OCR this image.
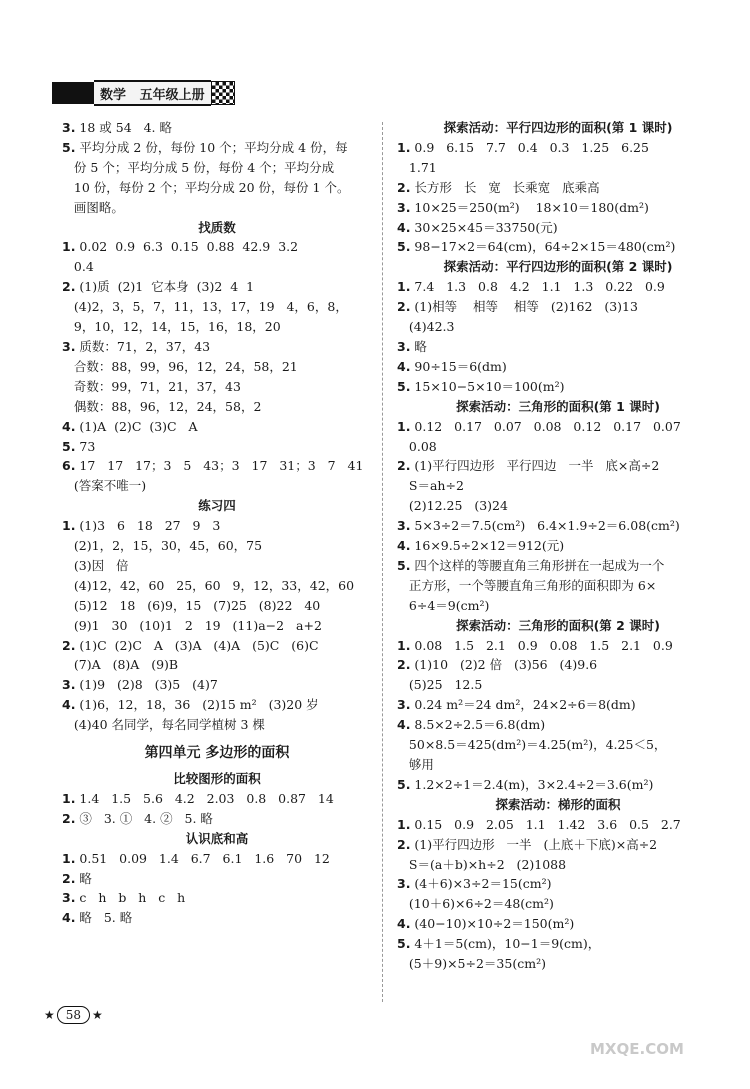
数学   五年级上册
3. 18 或 54   4. 略
5. 平均分成 2 份，每份 10 个；平均分成 4 份，每
份 5 个；平均分成 5 份，每份 4 个；平均分成
10 份，每份 2 个；平均分成 20 份，每份 1 个。
画图略。
找质数
1. 0.02  0.9  6.3  0.15  0.88  42.9  3.2
0.4
2. (1)质  (2)1  它本身  (3)2  4  1
(4)2，3，5，7，11，13，17，19   4，6，8，
9，10，12，14，15，16，18，20
3. 质数：71，2，37，43
合数：88，99，96，12，24，58，21
奇数：99，71，21，37，43
偶数：88，96，12，24，58，2
4. (1)A  (2)C  (3)C   A
5. 73
6. 17   17   17；3   5   43；3   17   31；3   7   41
(答案不唯一)
练习四
1. (1)3   6   18   27   9   3
(2)1，2，15，30，45，60，75
(3)因   倍
(4)12，42，60   25，60   9，12，33，42，60
(5)12   18   (6)9，15   (7)25   (8)22   40
(9)1   30   (10)1   2   19   (11)a−2   a+2
2. (1)C  (2)C   A   (3)A   (4)A   (5)C   (6)C
(7)A   (8)A   (9)B
3. (1)9   (2)8   (3)5   (4)7
4. (1)6，12，18，36   (2)15 m²   (3)20 岁
(4)40 名同学，每名同学植树 3 棵
第四单元 多边形的面积
比较图形的面积
1. 1.4   1.5   5.6   4.2   2.03   0.8   0.87   14
2. ③   3. ①   4. ②   5. 略
认识底和高
1. 0.51   0.09   1.4   6.7   6.1   1.6   70   12
2. 略
3. c   h   b   h   c   h
4. 略   5. 略
探索活动：平行四边形的面积(第 1 课时)
1. 0.9   6.15   7.7   0.4   0.3   1.25   6.25
1.71
2. 长方形   长   宽   长乘宽   底乘高
3. 10×25＝250(m²)    18×10＝180(dm²)
4. 30×25×45＝33750(元)
5. 98−17×2＝64(cm)，64÷2×15＝480(cm²)
探索活动：平行四边形的面积(第 2 课时)
1. 7.4   1.3   0.8   4.2   1.1   1.3   0.22   0.9
2. (1)相等    相等    相等   (2)162   (3)13
(4)42.3
3. 略
4. 90÷15＝6(dm)
5. 15×10−5×10＝100(m²)
探索活动：三角形的面积(第 1 课时)
1. 0.12   0.17   0.07   0.08   0.12   0.17   0.07
0.08
2. (1)平行四边形   平行四边   一半   底×高÷2
S＝ah÷2
(2)12.25   (3)24
3. 5×3÷2＝7.5(cm²)   6.4×1.9÷2＝6.08(cm²)
4. 16×9.5÷2×12＝912(元)
5. 四个这样的等腰直角三角形拼在一起成为一个
正方形，一个等腰直角三角形的面积即为 6×
6÷4＝9(cm²)
探索活动：三角形的面积(第 2 课时)
1. 0.08   1.5   2.1   0.9   0.08   1.5   2.1   0.9
2. (1)10   (2)2 倍   (3)56   (4)9.6
(5)25   12.5
3. 0.24 m²＝24 dm²，24×2÷6＝8(dm)
4. 8.5×2÷2.5＝6.8(dm)
50×8.5＝425(dm²)＝4.25(m²)，4.25＜5，
够用
5. 1.2×2÷1＝2.4(m)，3×2.4÷2＝3.6(m²)
探索活动：梯形的面积
1. 0.15   0.9   2.05   1.1   1.42   3.6   0.5   2.7
2. (1)平行四边形   一半   (上底＋下底)×高÷2
S＝(a＋b)×h÷2   (2)1088
3. (4＋6)×3÷2＝15(cm²)
(10＋6)×6÷2＝48(cm²)
4. (40−10)×10÷2＝150(m²)
5. 4＋1＝5(cm)，10−1＝9(cm)，
(5＋9)×5÷2＝35(cm²)
★ 58 ★
MXQE.COM
